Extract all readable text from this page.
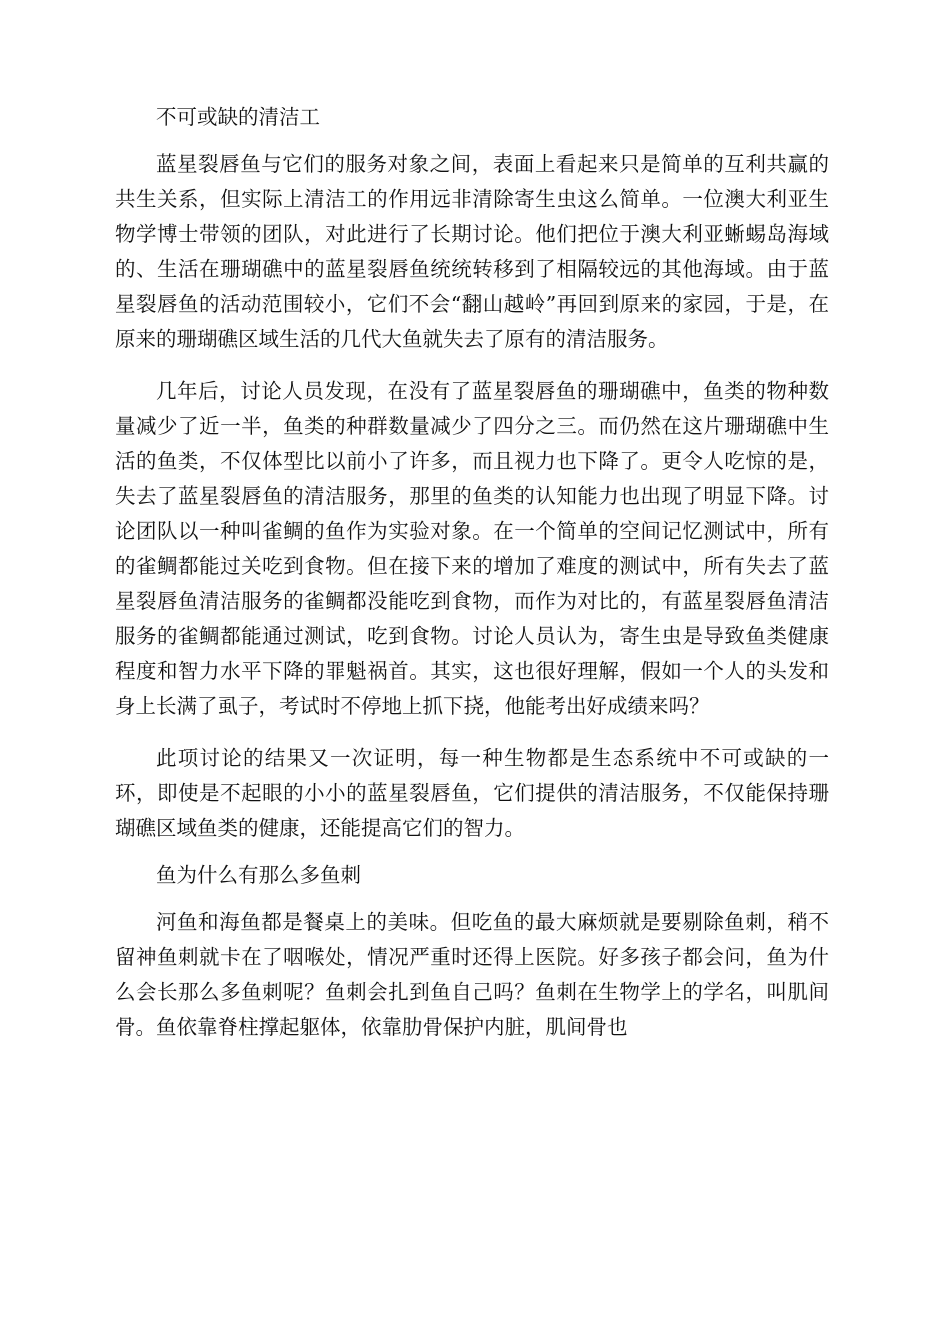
不可或缺的清洁工

蓝星裂唇鱼与它们的服务对象之间，表面上看起来只是简单的互利共赢的共生关系，但实际上清洁工的作用远非清除寄生虫这么简单。一位澳大利亚生物学博士带领的团队，对此进行了长期讨论。他们把位于澳大利亚蜥蜴岛海域的、生活在珊瑚礁中的蓝星裂唇鱼统统转移到了相隔较远的其他海域。由于蓝星裂唇鱼的活动范围较小，它们不会“翻山越岭”再回到原来的家园，于是，在原来的珊瑚礁区域生活的几代大鱼就失去了原有的清洁服务。

几年后，讨论人员发现，在没有了蓝星裂唇鱼的珊瑚礁中，鱼类的物种数量减少了近一半，鱼类的种群数量减少了四分之三。而仍然在这片珊瑚礁中生活的鱼类，不仅体型比以前小了许多，而且视力也下降了。更令人吃惊的是，失去了蓝星裂唇鱼的清洁服务，那里的鱼类的认知能力也出现了明显下降。讨论团队以一种叫雀鲷的鱼作为实验对象。在一个简单的空间记忆测试中，所有的雀鲷都能过关吃到食物。但在接下来的增加了难度的测试中，所有失去了蓝星裂唇鱼清洁服务的雀鲷都没能吃到食物，而作为对比的，有蓝星裂唇鱼清洁服务的雀鲷都能通过测试，吃到食物。讨论人员认为，寄生虫是导致鱼类健康程度和智力水平下降的罪魁祸首。其实，这也很好理解，假如一个人的头发和身上长满了虱子，考试时不停地上抓下挠，他能考出好成绩来吗？

此项讨论的结果又一次证明，每一种生物都是生态系统中不可或缺的一环，即使是不起眼的小小的蓝星裂唇鱼，它们提供的清洁服务，不仅能保持珊瑚礁区域鱼类的健康，还能提高它们的智力。

鱼为什么有那么多鱼刺

河鱼和海鱼都是餐桌上的美味。但吃鱼的最大麻烦就是要剔除鱼刺，稍不留神鱼刺就卡在了咽喉处，情况严重时还得上医院。好多孩子都会问，鱼为什么会长那么多鱼刺呢？鱼刺会扎到鱼自己吗？鱼刺在生物学上的学名，叫肌间骨。鱼依靠脊柱撑起躯体，依靠肋骨保护内脏，肌间骨也
